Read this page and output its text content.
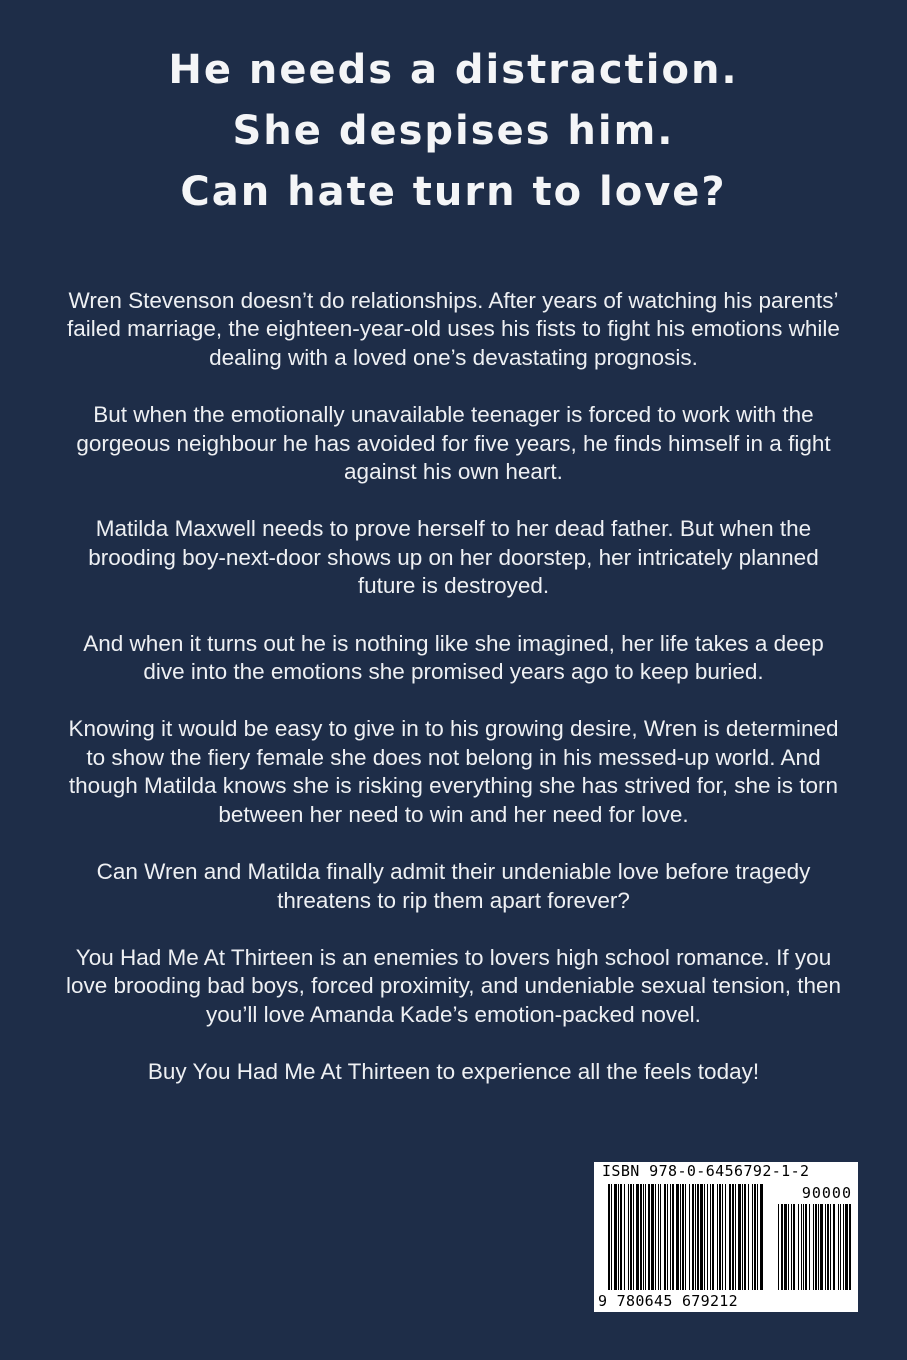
He needs a distraction.
She despises him.
Can hate turn to love?

Wren Stevenson doesn’t do relationships. After years of watching his parents’ failed marriage, the eighteen-year-old uses his fists to fight his emotions while dealing with a loved one’s devastating prognosis.

But when the emotionally unavailable teenager is forced to work with the gorgeous neighbour he has avoided for five years, he finds himself in a fight against his own heart.

Matilda Maxwell needs to prove herself to her dead father. But when the brooding boy-next-door shows up on her doorstep, her intricately planned future is destroyed.

And when it turns out he is nothing like she imagined, her life takes a deep dive into the emotions she promised years ago to keep buried.

Knowing it would be easy to give in to his growing desire, Wren is determined to show the fiery female she does not belong in his messed-up world. And though Matilda knows she is risking everything she has strived for, she is torn between her need to win and her need for love.

Can Wren and Matilda finally admit their undeniable love before tragedy threatens to rip them apart forever?

You Had Me At Thirteen is an enemies to lovers high school romance. If you love brooding bad boys, forced proximity, and undeniable sexual tension, then you’ll love Amanda Kade’s emotion-packed novel.

Buy You Had Me At Thirteen to experience all the feels today!

ISBN 978-0-6456792-1-2
90000
9 780645 679212
